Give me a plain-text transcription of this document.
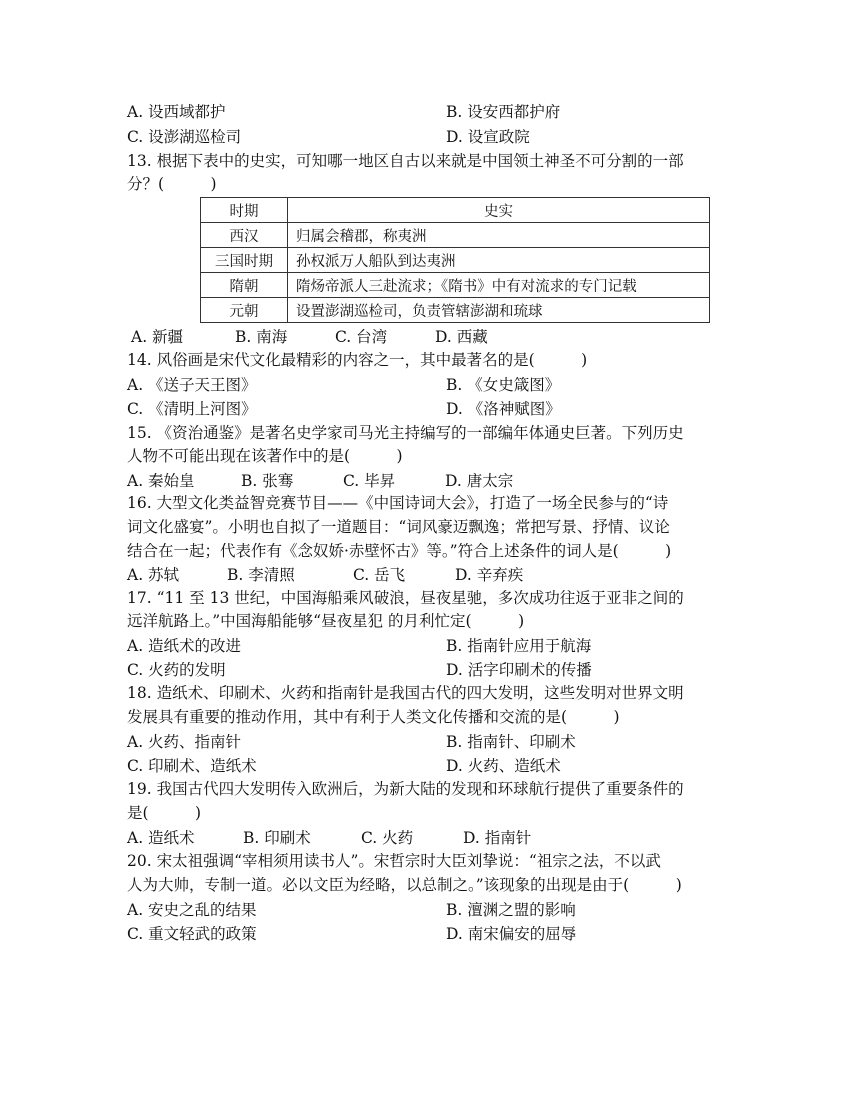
A. 设西域都护	B. 设安西都护府
C. 设澎湖巡检司	D. 设宣政院
13. 根据下表中的史实，可知哪一地区自古以来就是中国领土神圣不可分割的一部
分？(　　　)
时期	史实
西汉	归属会稽郡，称夷洲
三国时期	孙权派万人船队到达夷洲
隋朝	隋炀帝派人三赴流求；《隋书》中有对流求的专门记载
元朝	设置澎湖巡检司，负责管辖澎湖和琉球
A. 新疆	B. 南海	C. 台湾	D. 西藏
14. 风俗画是宋代文化最精彩的内容之一，其中最著名的是(　　　)
A. 《送子天王图》	B. 《女史箴图》
C. 《清明上河图》	D. 《洛神赋图》
15. 《资治通鉴》是著名史学家司马光主持编写的一部编年体通史巨著。下列历史
人物不可能出现在该著作中的是(　　　)
A. 秦始皇	B. 张骞	C. 毕昇	D. 唐太宗
16. 大型文化类益智竞赛节目——《中国诗词大会》，打造了一场全民参与的“诗
词文化盛宴”。小明也自拟了一道题目：“词风豪迈飘逸；常把写景、抒情、议论
结合在一起；代表作有《念奴娇·赤壁怀古》等。”符合上述条件的词人是(　　　)
A. 苏轼	B. 李清照	C. 岳飞	D. 辛弃疾
17. “11 至 13 世纪，中国海船乘风破浪，昼夜星驰，多次成功往返于亚非之间的
远洋航路上。”中国海船能够“昼夜星犯 的月利忙定(　　　)
A. 造纸术的改进	B. 指南针应用于航海
C. 火药的发明	D. 活字印刷术的传播
18. 造纸术、印刷术、火药和指南针是我国古代的四大发明，这些发明对世界文明
发展具有重要的推动作用，其中有利于人类文化传播和交流的是(　　　)
A. 火药、指南针	B. 指南针、印刷术
C. 印刷术、造纸术	D. 火药、造纸术
19. 我国古代四大发明传入欧洲后，为新大陆的发现和环球航行提供了重要条件的
是(　　　)
A. 造纸术	B. 印刷术	C. 火药	D. 指南针
20. 宋太祖强调“宰相须用读书人”。宋哲宗时大臣刘挚说：“祖宗之法，不以武
人为大帅，专制一道。必以文臣为经略，以总制之。”该现象的出现是由于(　　　)
A. 安史之乱的结果	B. 澶渊之盟的影响
C. 重文轻武的政策	D. 南宋偏安的屈辱
